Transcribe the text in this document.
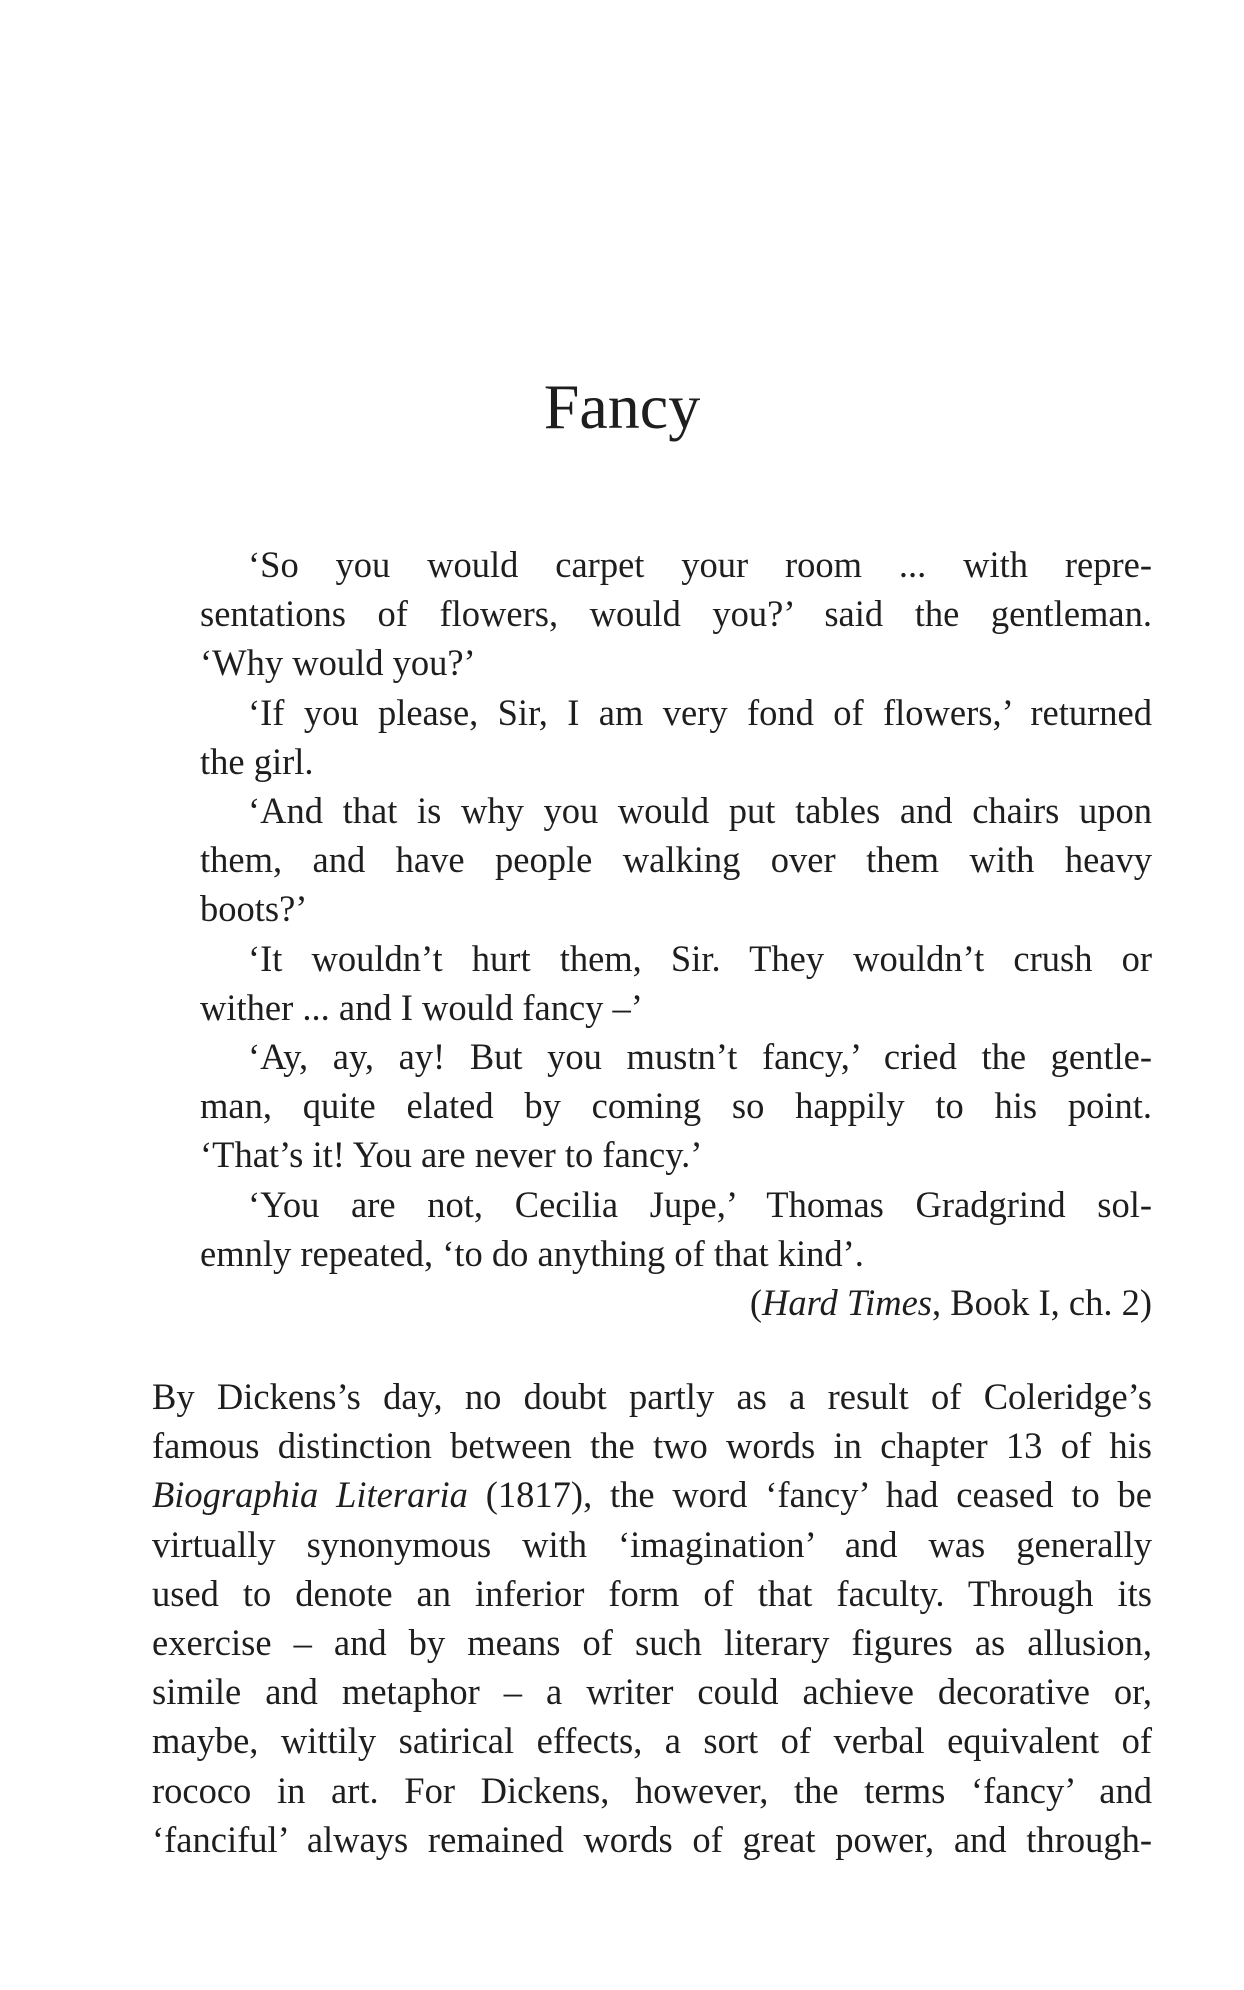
Fancy
‘So you would carpet your room ... with repre-
sentations of flowers, would you?’ said the gentleman.
‘Why would you?’
‘If you please, Sir, I am very fond of flowers,’ returned
the girl.
‘And that is why you would put tables and chairs upon
them, and have people walking over them with heavy
boots?’
‘It wouldn’t hurt them, Sir. They wouldn’t crush or
wither ... and I would fancy –’
‘Ay, ay, ay! But you mustn’t fancy,’ cried the gentle-
man, quite elated by coming so happily to his point.
‘That’s it! You are never to fancy.’
‘You are not, Cecilia Jupe,’ Thomas Gradgrind sol-
emnly repeated, ‘to do anything of that kind’.
(Hard Times, Book I, ch. 2)
By Dickens’s day, no doubt partly as a result of Coleridge’s
famous distinction between the two words in chapter 13 of his
Biographia Literaria (1817), the word ‘fancy’ had ceased to be
virtually synonymous with ‘imagination’ and was generally
used to denote an inferior form of that faculty. Through its
exercise – and by means of such literary figures as allusion,
simile and metaphor – a writer could achieve decorative or,
maybe, wittily satirical effects, a sort of verbal equivalent of
rococo in art. For Dickens, however, the terms ‘fancy’ and
‘fanciful’ always remained words of great power, and through-
